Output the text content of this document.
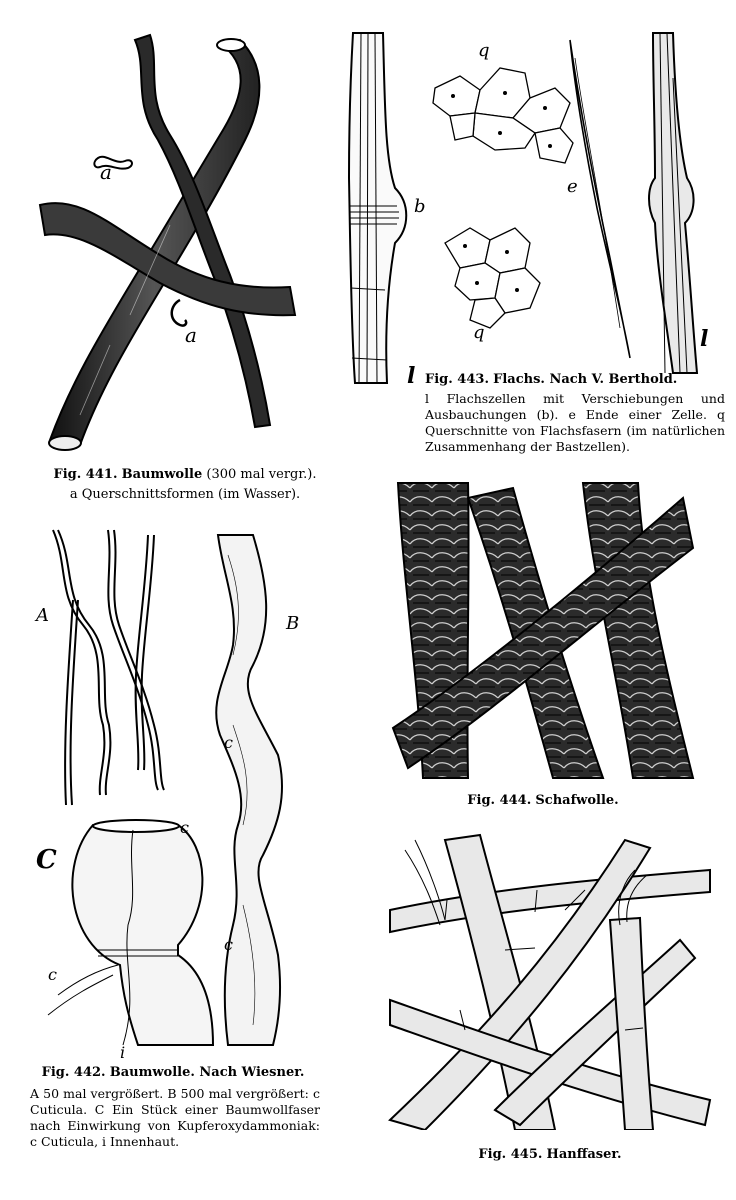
a
a
Fig. 441. Baumwolle (300 mal vergr.).
a Querschnittsformen (im Wasser).
b
q
q
e
l
l
Fig. 443. Flachs. Nach V. Berthold.
l Flachszellen mit Verschiebungen und Ausbauchungen (b). e Ende einer Zelle. q Querschnitte von Flachsfasern (im natürlichen Zusammenhang der Bastzellen).
A	B
C
c
c
c
c
i
Fig. 442. Baumwolle. Nach Wiesner.
A 50 mal vergrößert. B 500 mal vergrößert: c Cuticula. C Ein Stück einer Baumwollfaser nach Einwirkung von Kupferoxydammoniak: c Cuticula, i Innenhaut.
Fig. 444. Schafwolle.
Fig. 445. Hanffaser.
